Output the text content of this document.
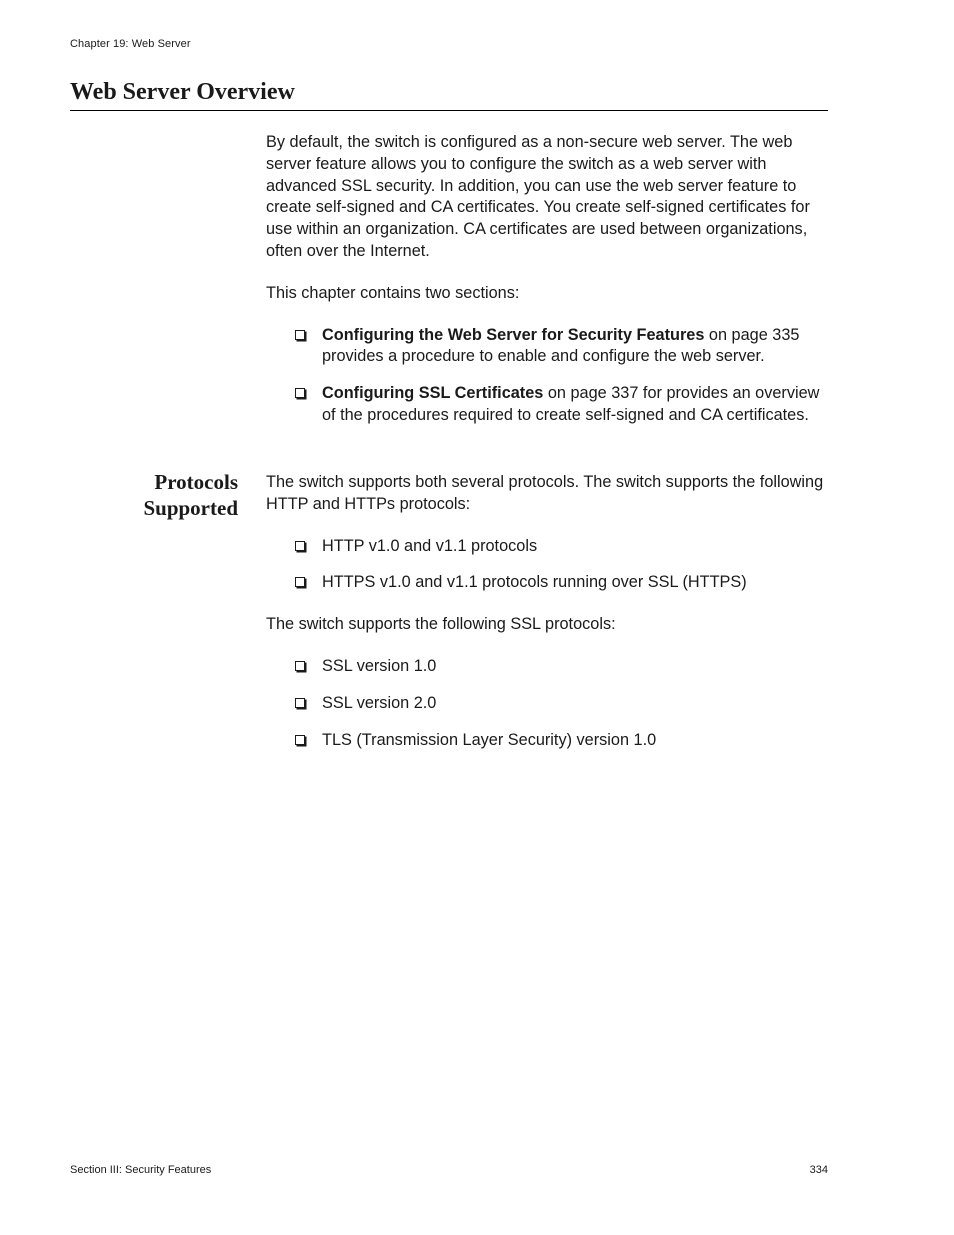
Chapter 19: Web Server
Web Server Overview

By default, the switch is configured as a non-secure web server. The web server feature allows you to configure the switch as a web server with advanced SSL security. In addition, you can use the web server feature to create self-signed and CA certificates. You create self-signed certificates for use within an organization. CA certificates are used between organizations, often over the Internet.

This chapter contains two sections:

Configuring the Web Server for Security Features on page 335 provides a procedure to enable and configure the web server.
Configuring SSL Certificates on page 337 for provides an overview of the procedures required to create self-signed and CA certificates.
Protocols
Supported

The switch supports both several protocols. The switch supports the following HTTP and HTTPs protocols:

HTTP v1.0 and v1.1 protocols
HTTPS v1.0 and v1.1 protocols running over SSL (HTTPS)

The switch supports the following SSL protocols:

SSL version 1.0
SSL version 2.0
TLS (Transmission Layer Security) version 1.0
Section III: Security Features	334
